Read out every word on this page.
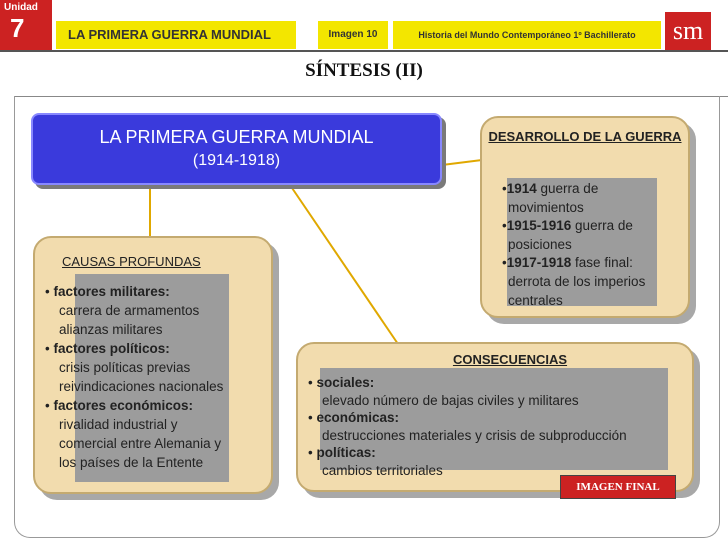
Unidad
7	LA PRIMERA GUERRA MUNDIAL	Imagen 10	Historia del Mundo Contemporáneo 1º Bachillerato	sm
SÍNTESIS (II)
LA PRIMERA GUERRA MUNDIAL
(1914-1918)
CAUSAS PROFUNDAS
• factores militares:
carrera de armamentos
alianzas militares
• factores políticos:
crisis políticas previas
reivindicaciones nacionales
• factores económicos:
rivalidad industrial y
comercial entre Alemania y
los países de la Entente
DESARROLLO DE LA GUERRA
•1914 guerra de
movimientos
•1915-1916 guerra de
posiciones
•1917-1918 fase final:
derrota de los imperios centrales
CONSECUENCIAS
• sociales:
elevado número de bajas civiles y militares
• económicas:
destrucciones materiales y crisis de subproducción
• políticas:
cambios territoriales
IMAGEN FINAL
